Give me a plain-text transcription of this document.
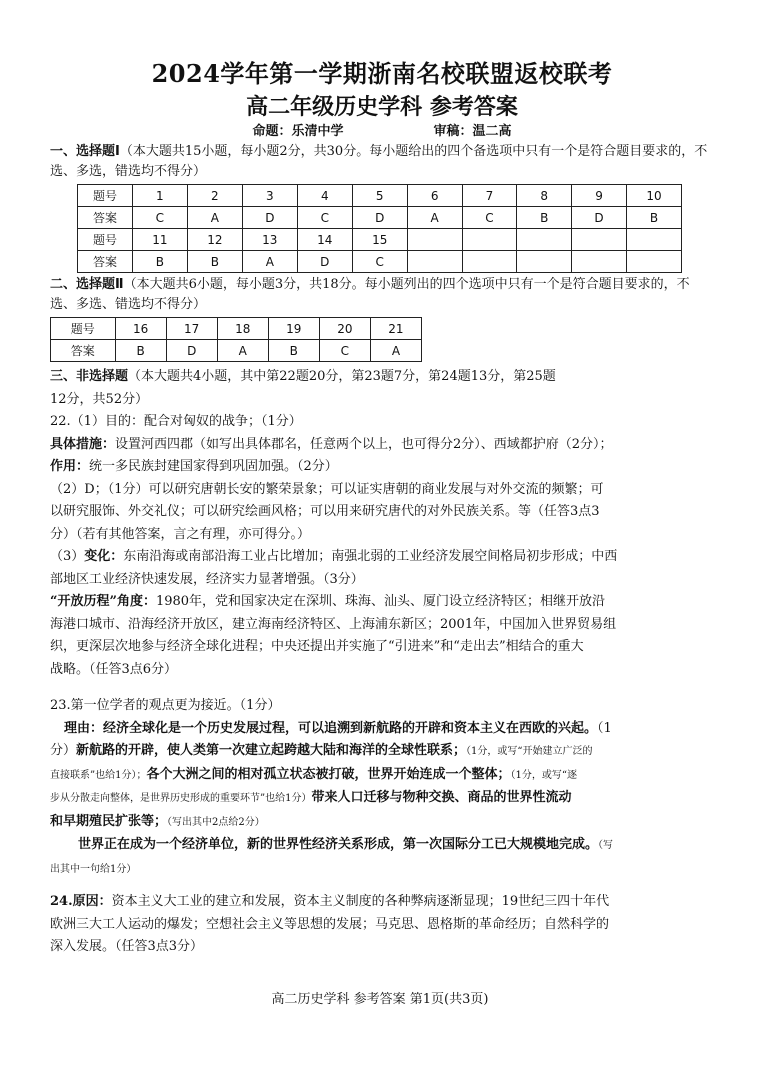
2024学年第一学期浙南名校联盟返校联考
高二年级历史学科 参考答案
命题：乐清中学	审稿：温二高

一、选择题Ⅰ（本大题共15小题，每小题2分，共30分。每小题给出的四个备选项中只有一个是符合题目要求的，不选、多选，错选均不得分）

题号	1	2	3	4	5	6	7	8	9	10
答案	C	A	D	C	D	A	C	B	D	B
题号	11	12	13	14	15					
答案	B	B	A	D	C					

二、选择题Ⅱ（本大题共6小题，每小题3分，共18分。每小题列出的四个选项中只有一个是符合题目要求的，不选、多选、错选均不得分）

题号	16	17	18	19	20	21
答案	B	D	A	B	C	A

三、非选择题（本大题共4小题，其中第22题20分，第23题7分，第24题13分，第25题

12分，共52分）

22.（1）目的：配合对匈奴的战争；（1分）

具体措施：设置河西四郡（如写出具体郡名，任意两个以上，也可得分2分）、西域都护府（2分）；

作用：统一多民族封建国家得到巩固加强。（2分）

（2）D；（1分）可以研究唐朝长安的繁荣景象；可以证实唐朝的商业发展与对外交流的频繁；可

以研究服饰、外交礼仪；可以研究绘画风格；可以用来研究唐代的对外民族关系。等（任答3点3

分）（若有其他答案，言之有理，亦可得分。）

（3）变化：东南沿海或南部沿海工业占比增加；南强北弱的工业经济发展空间格局初步形成；中西

部地区工业经济快速发展，经济实力显著增强。（3分）

“开放历程”角度：1980年，党和国家决定在深圳、珠海、汕头、厦门设立经济特区；相继开放沿

海港口城市、沿海经济开放区，建立海南经济特区、上海浦东新区；2001年，中国加入世界贸易组

织，更深层次地参与经济全球化进程；中央还提出并实施了“引进来”和“走出去”相结合的重大

战略。（任答3点6分）

23.第一位学者的观点更为接近。（1分）

理由：经济全球化是一个历史发展过程，可以追溯到新航路的开辟和资本主义在西欧的兴起。（1

分）新航路的开辟，使人类第一次建立起跨越大陆和海洋的全球性联系；（1分，或写“开始建立广泛的

直接联系”也给1分）；各个大洲之间的相对孤立状态被打破，世界开始连成一个整体；（1分，或写“逐

步从分散走向整体，是世界历史形成的重要环节”也给1分）带来人口迁移与物种交换、商品的世界性流动

和早期殖民扩张等；（写出其中2点给2分）

世界正在成为一个经济单位，新的世界性经济关系形成，第一次国际分工已大规模地完成。（写

出其中一句给1分）

24.原因：资本主义大工业的建立和发展，资本主义制度的各种弊病逐渐显现；19世纪三四十年代

欧洲三大工人运动的爆发；空想社会主义等思想的发展；马克思、恩格斯的革命经历；自然科学的

深入发展。（任答3点3分）

高二历史学科 参考答案 第1页(共3页)
